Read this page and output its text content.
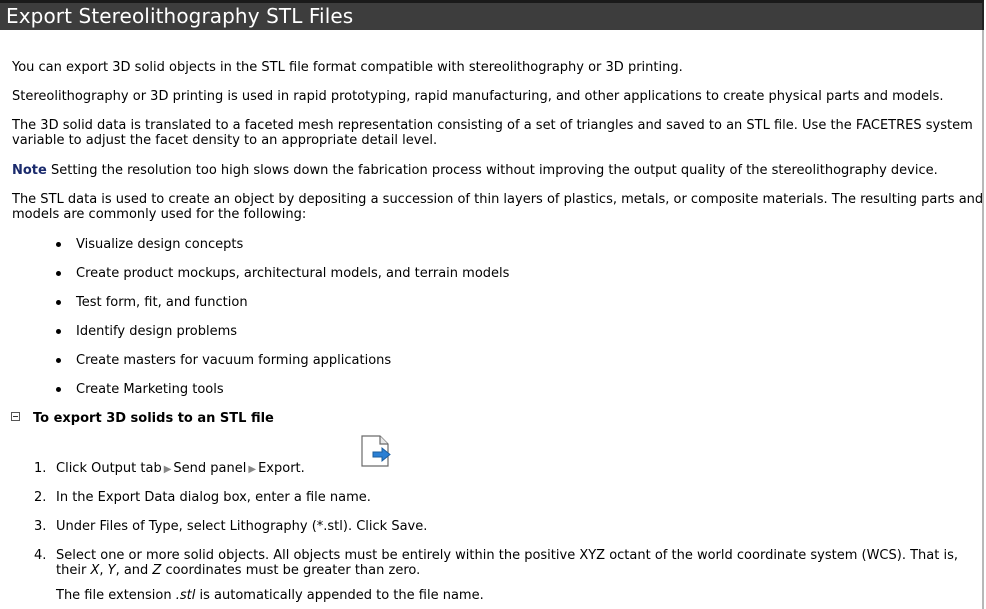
Export Stereolithography STL Files

You can export 3D solid objects in the STL file format compatible with stereolithography or 3D printing.

Stereolithography or 3D printing is used in rapid prototyping, rapid manufacturing, and other applications to create physical parts and models.

The 3D solid data is translated to a faceted mesh representation consisting of a set of triangles and saved to an STL file. Use the FACETRES system variable to adjust the facet density to an appropriate detail level.

Note Setting the resolution too high slows down the fabrication process without improving the output quality of the stereolithography device.

The STL data is used to create an object by depositing a succession of thin layers of plastics, metals, or composite materials. The resulting parts and models are commonly used for the following:

Visualize design concepts
Create product mockups, architectural models, and terrain models
Test form, fit, and function
Identify design problems
Create masters for vacuum forming applications
Create Marketing tools
To export 3D solids to an STL file
1. Click Output tab ▶ Send panel ▶ Export.
2. In the Export Data dialog box, enter a file name.
3. Under Files of Type, select Lithography (*.stl). Click Save.
4. Select one or more solid objects. All objects must be entirely within the positive XYZ octant of the world coordinate system (WCS). That is, their X, Y, and Z coordinates must be greater than zero.
The file extension .stl is automatically appended to the file name.
